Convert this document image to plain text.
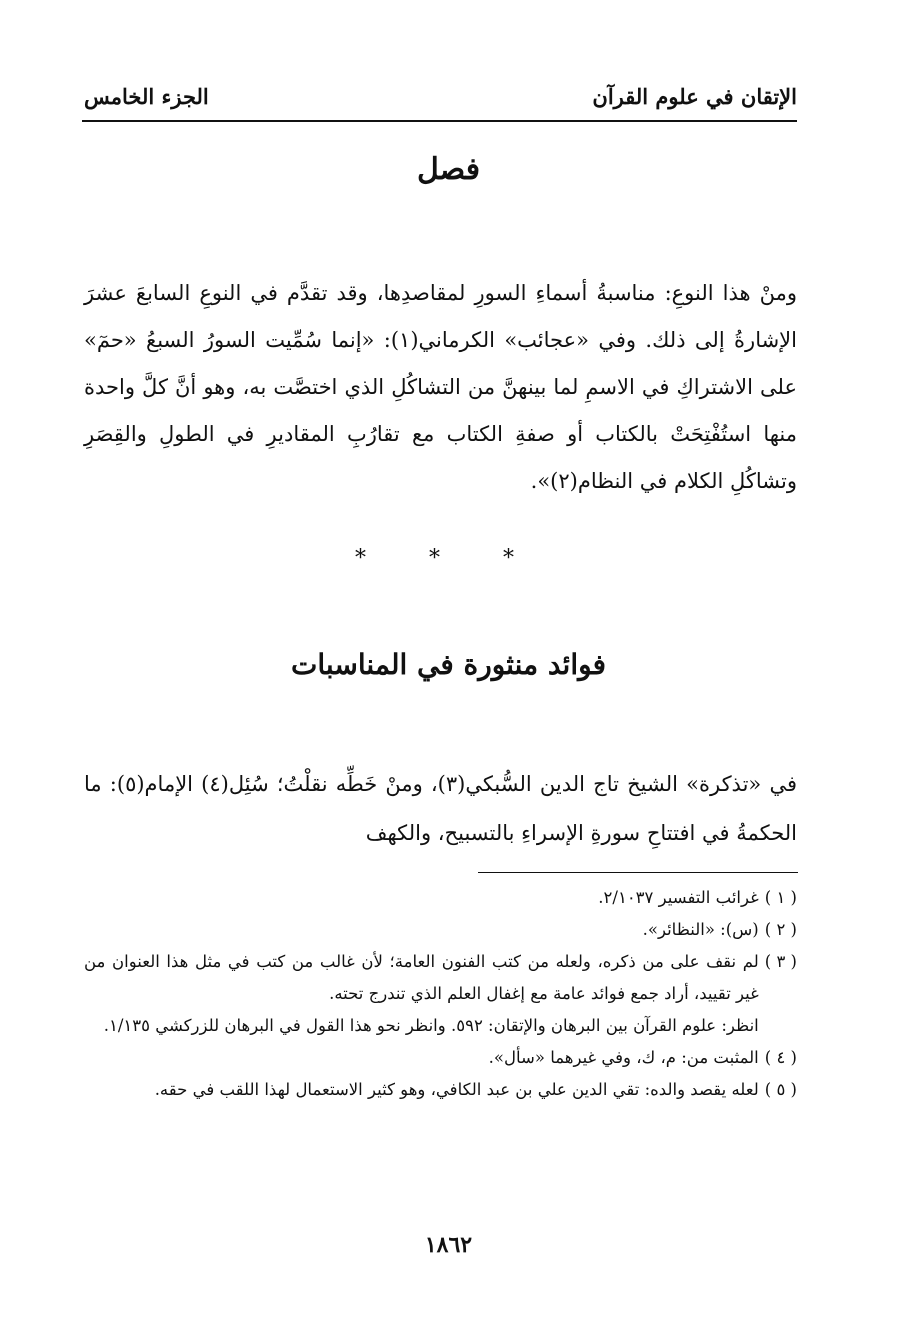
الإتقان في علوم القرآن
الجزء الخامس
فصل

ومنْ هذا النوعِ: مناسبةُ أسماءِ السورِ لمقاصدِها، وقد تقدَّم في النوعِ السابعَ عشرَ الإشارةُ إلى ذلك. وفي «عجائب» الكرماني(١): «إنما سُمِّيت السورُ السبعُ «حمٓ» على الاشتراكِ في الاسمِ لما بينهنَّ من التشاكُلِ الذي اختصَّت به، وهو أنَّ كلَّ واحدة منها استُفْتِحَتْ بالكتاب أو صفةِ الكتاب مع تقارُبِ المقاديرِ في الطولِ والقِصَرِ وتشاكُلِ الكلام في النظام(٢)».

* * *
فوائد منثورة في المناسبات

في «تذكرة» الشيخ تاج الدين السُّبكي(٣)، ومنْ خَطِّه نقلْتُ؛ سُئِل(٤) الإمام(٥): ما الحكمةُ في افتتاحِ سورةِ الإسراءِ بالتسبيح، والكهف

( ١ )
غرائب التفسير ٢/١٠٣٧.
( ٢ )
(س): «النظائر».
( ٣ )

لم نقف على من ذكره، ولعله من كتب الفنون العامة؛ لأن غالب من كتب في مثل هذا العنوان من غير تقييد، أراد جمع فوائد عامة مع إغفال العلم الذي تندرج تحته.

انظر: علوم القرآن بين البرهان والإتقان: ٥٩٢. وانظر نحو هذا القول في البرهان للزركشي ١/١٣٥.

( ٤ )
المثبت من: م، ك، وفي غيرهما «سأل».
( ٥ )
لعله يقصد والده: تقي الدين علي بن عبد الكافي، وهو كثير الاستعمال لهذا اللقب في حقه.
١٨٦٢
